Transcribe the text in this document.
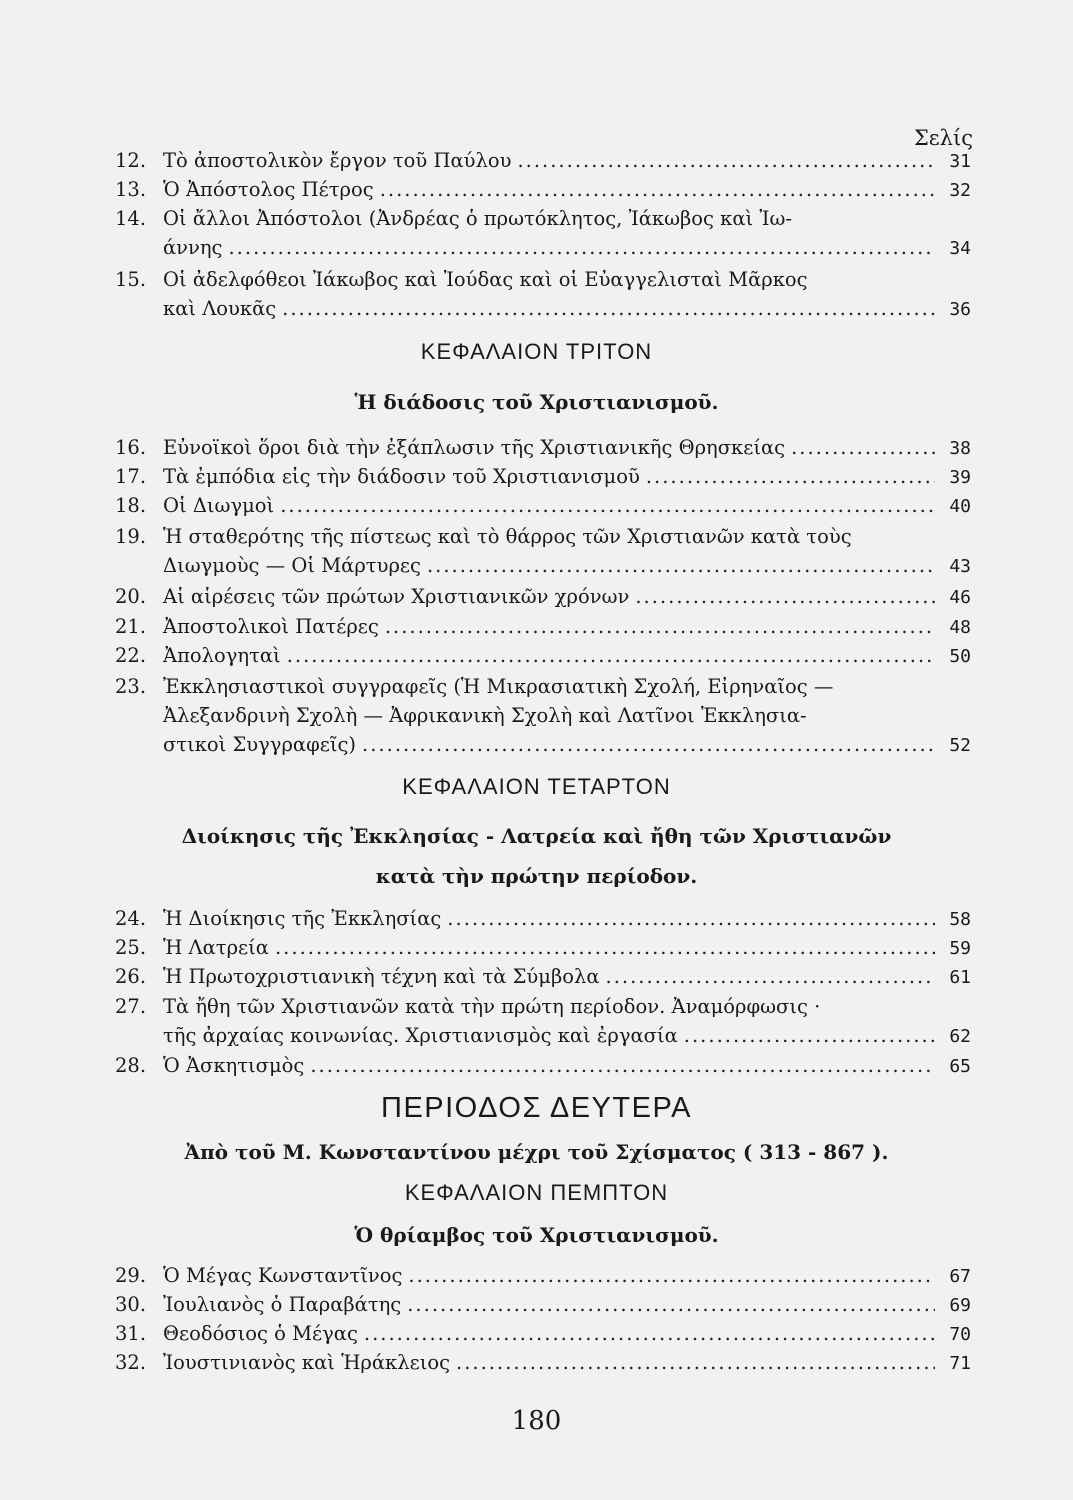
Σελίς
12. Τὸ ἀποστολικὸν ἔργον τοῦ Παύλου .....	31
13. Ὁ Ἀπόστολος Πέτρος .....	32
14. Οἱ ἄλλοι Ἀπόστολοι (Ἀνδρέας ὁ πρωτόκλητος, Ἰάκωβος καὶ Ἰω-
άννης .....	34
15. Οἱ ἀδελφόθεοι Ἰάκωβος καὶ Ἰούδας καὶ οἱ Εὐαγγελισταὶ Μᾶρκος
καὶ Λουκᾶς .....	36
ΚΕΦΑΛΑΙΟΝ ΤΡΙΤΟΝ
Ἡ διάδοσις τοῦ Χριστιανισμοῦ.
16. Εὐνοϊκοὶ ὅροι διὰ τὴν ἐξάπλωσιν τῆς Χριστιανικῆς Θρησκείας .....	38
17. Τὰ ἐμπόδια εἰς τὴν διάδοσιν τοῦ Χριστιανισμοῦ .....	39
18. Οἱ Διωγμοὶ .....	40
19. Ἡ σταθερότης τῆς πίστεως καὶ τὸ θάρρος τῶν Χριστιανῶν κατὰ τοὺς
Διωγμοὺς — Οἱ Μάρτυρες .....	43
20. Αἱ αἱρέσεις τῶν πρώτων Χριστιανικῶν χρόνων .....	46
21. Ἀποστολικοὶ Πατέρες .....	48
22. Ἀπολογηταὶ .....	50
23. Ἐκκλησιαστικοὶ συγγραφεῖς (Ἡ Μικρασιατικὴ Σχολή, Εἰρηναῖος —
Ἀλεξανδρινὴ Σχολὴ — Ἀφρικανικὴ Σχολὴ καὶ Λατῖνοι Ἐκκλησια-
στικοὶ Συγγραφεῖς) .....	52
ΚΕΦΑΛΑΙΟΝ ΤΕΤΑΡΤΟΝ
Διοίκησις τῆς Ἐκκλησίας - Λατρεία καὶ ἤθη τῶν Χριστιανῶν
κατὰ τὴν πρώτην περίοδον.
24. Ἡ Διοίκησις τῆς Ἐκκλησίας .....	58
25. Ἡ Λατρεία .....	59
26. Ἡ Πρωτοχριστιανικὴ τέχνη καὶ τὰ Σύμβολα .....	61
27. Τὰ ἤθη τῶν Χριστιανῶν κατὰ τὴν πρώτη περίοδον. Ἀναμόρφωσις ·
τῆς ἀρχαίας κοινωνίας. Χριστιανισμὸς καὶ ἐργασία .....	62
28. Ὁ Ἀσκητισμὸς .....	65
ΠΕΡΙΟΔΟΣ ΔΕΥΤΕΡΑ
Ἀπὸ τοῦ Μ. Κωνσταντίνου μέχρι τοῦ Σχίσματος ( 313 - 867 ).
ΚΕΦΑΛΑΙΟΝ ΠΕΜΠΤΟΝ
Ὁ θρίαμβος τοῦ Χριστιανισμοῦ.
29. Ὁ Μέγας Κωνσταντῖνος .....	67
30. Ἰουλιανὸς ὁ Παραβάτης .....	69
31. Θεοδόσιος ὁ Μέγας .....	70
32. Ἰουστινιανὸς καὶ Ἡράκλειος .....	71
180
